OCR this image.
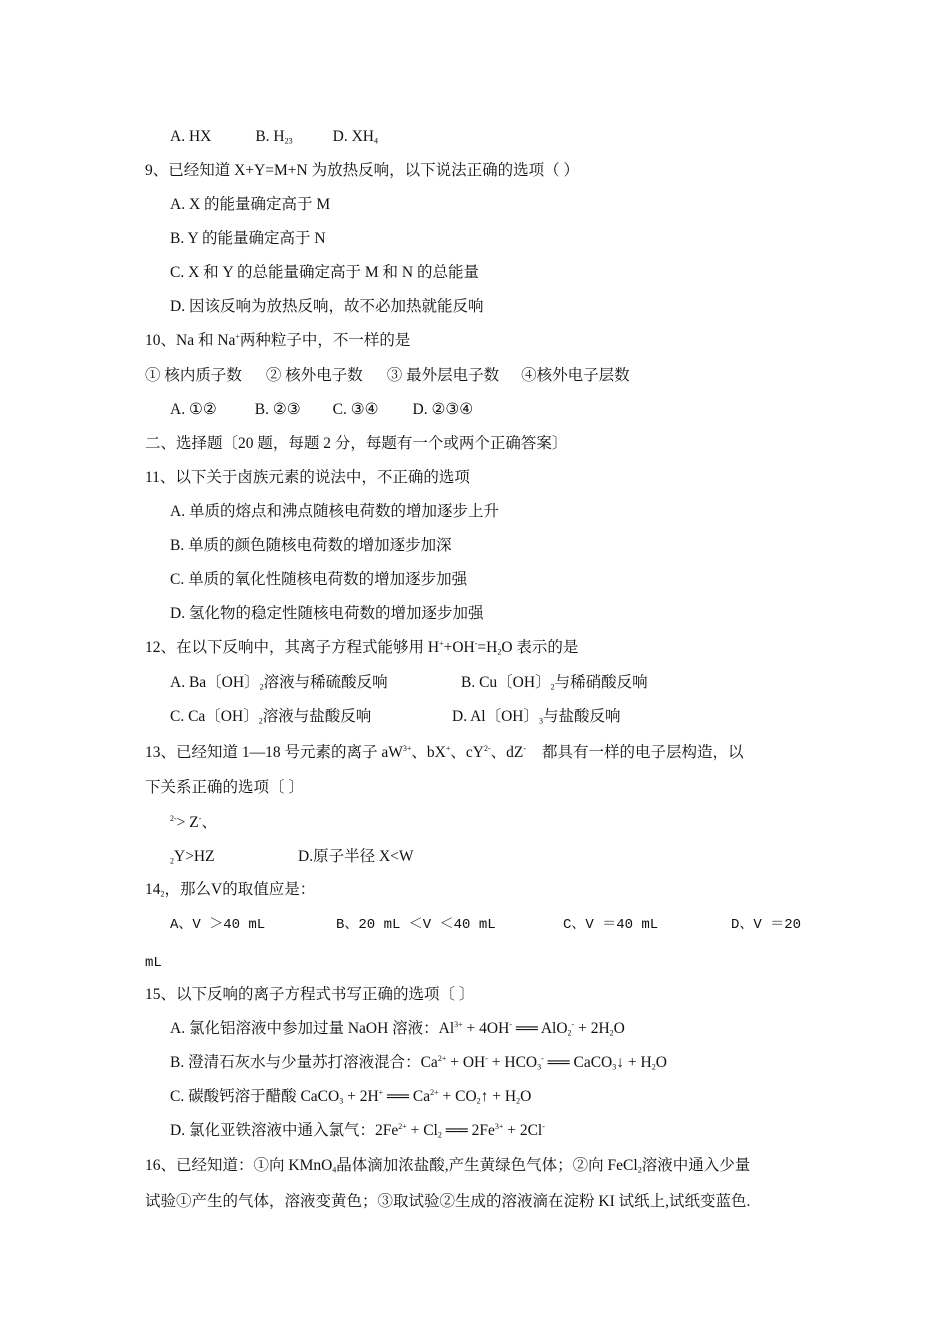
A. HX	B. $H_{23}$	D. $XH_4$
9、已经知道 X+Y=M+N 为放热反响，以下说法正确的选项（ ）
A. X 的能量确定高于 M
B. Y 的能量确定高于 N
C. X 和 Y 的总能量确定高于 M 和 N 的总能量
D. 因该反响为放热反响，故不必加热就能反响
10、Na 和 Na+两种粒子中，不一样的是
① 核内质子数 ② 核外电子数 ③ 最外层电子数 ④核外电子层数
A. ①② B. ②③ C. ③④ D. ②③④
二、选择题〔20 题，每题 2 分，每题有一个或两个正确答案〕
11、以下关于卤族元素的说法中，不正确的选项
A. 单质的熔点和沸点随核电荷数的增加逐步上升
B. 单质的颜色随核电荷数的增加逐步加深
C. 单质的氧化性随核电荷数的增加逐步加强
D. 氢化物的稳定性随核电荷数的增加逐步加强
12、在以下反响中，其离子方程式能够用 $H^++OH^-=H_2O$ 表示的是
A. Ba〔OH〕$_2$溶液与稀硫酸反响	B. Cu〔OH〕$_2$与稀硝酸反响
C. Ca〔OH〕$_2$溶液与盐酸反响	D. Al〔OH〕$_3$与盐酸反响
13、已经知道 1—18 号元素的离子 $aW^{3+}$、bX+、$cY^{2-}$、dZ- 都具有一样的电子层构造，以
下关系正确的选项〔 〕
$^{2-}$> Z-、
$_2$Y>HZ	D.原子半径 X<W
$14_2$，那么V的取值应是：
A、V ＞40 mL	B、20 mL ＜V ＜40 mL	C、V ＝40 mL	D、V ＝20
mL
15、以下反响的离子方程式书写正确的选项〔 〕
A. 氯化铝溶液中参加过量 NaOH 溶液：$Al^{3+} + 4OH^-$ ══ $AlO_2^- + 2H_2O$
B. 澄清石灰水与少量苏打溶液混合：$Ca^{2+} + OH^- + HCO_3^-$ ══ CaCO$_3$↓ + $H_2O$
C. 碳酸钙溶于醋酸 CaCO$_3$ + 2H+ ══ $Ca^{2+}$ + $CO_2↑ + H_2O$
D. 氯化亚铁溶液中通入氯气：$2Fe^{2+} + Cl_2$ ══ $2Fe^{3+} + 2Cl^-$
16、已经知道：①向 KMnO$_4$晶体滴加浓盐酸,产生黄绿色气体；②向 FeCl$_2$溶液中通入少量
试验①产生的气体，溶液变黄色；③取试验②生成的溶液滴在淀粉 KI 试纸上,试纸变蓝色.
